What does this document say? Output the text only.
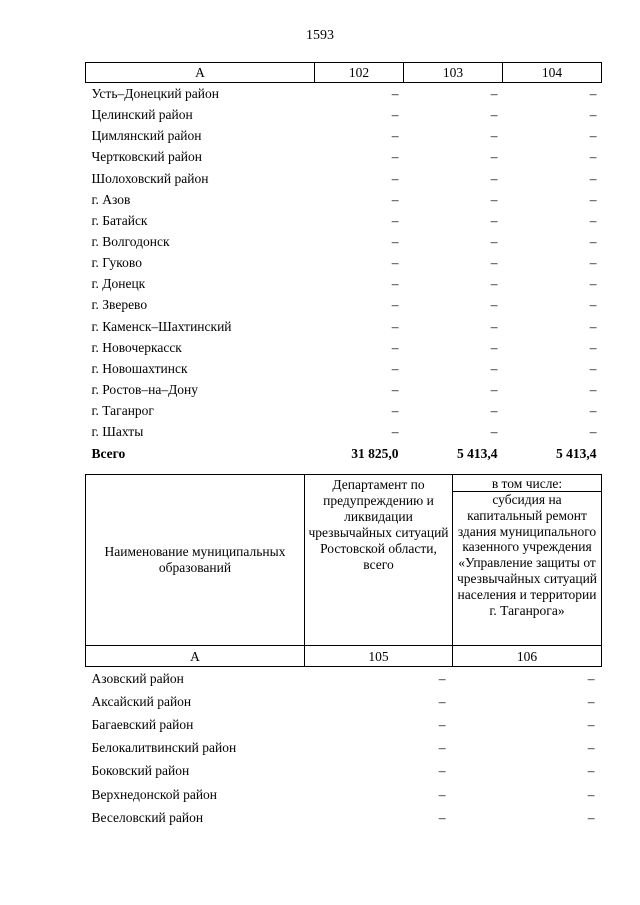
1593
А	102	103	104
Усть–Донецкий район	–	–	–
Целинский район	–	–	–
Цимлянский район	–	–	–
Чертковский район	–	–	–
Шолоховский район	–	–	–
г. Азов	–	–	–
г. Батайск	–	–	–
г. Волгодонск	–	–	–
г. Гуково	–	–	–
г. Донецк	–	–	–
г. Зверево	–	–	–
г. Каменск–Шахтинский	–	–	–
г. Новочеркасск	–	–	–
г. Новошахтинск	–	–	–
г. Ростов–на–Дону	–	–	–
г. Таганрог	–	–	–
г. Шахты	–	–	–
Всего	31 825,0	5 413,4	5 413,4
Наименование муниципальных образований	Департамент по предупреждению и ликвидации чрезвычайных ситуаций Ростовской области, всего	в том числе:
		субсидия на капитальный ремонт здания муниципального казенного учреждения «Управление защиты от чрезвычайных ситуаций населения и территории г. Таганрога»
А	105	106
Азовский район	–	–
Аксайский район	–	–
Багаевский район	–	–
Белокалитвинский район	–	–
Боковский район	–	–
Верхнедонской район	–	–
Веселовский район	–	–
